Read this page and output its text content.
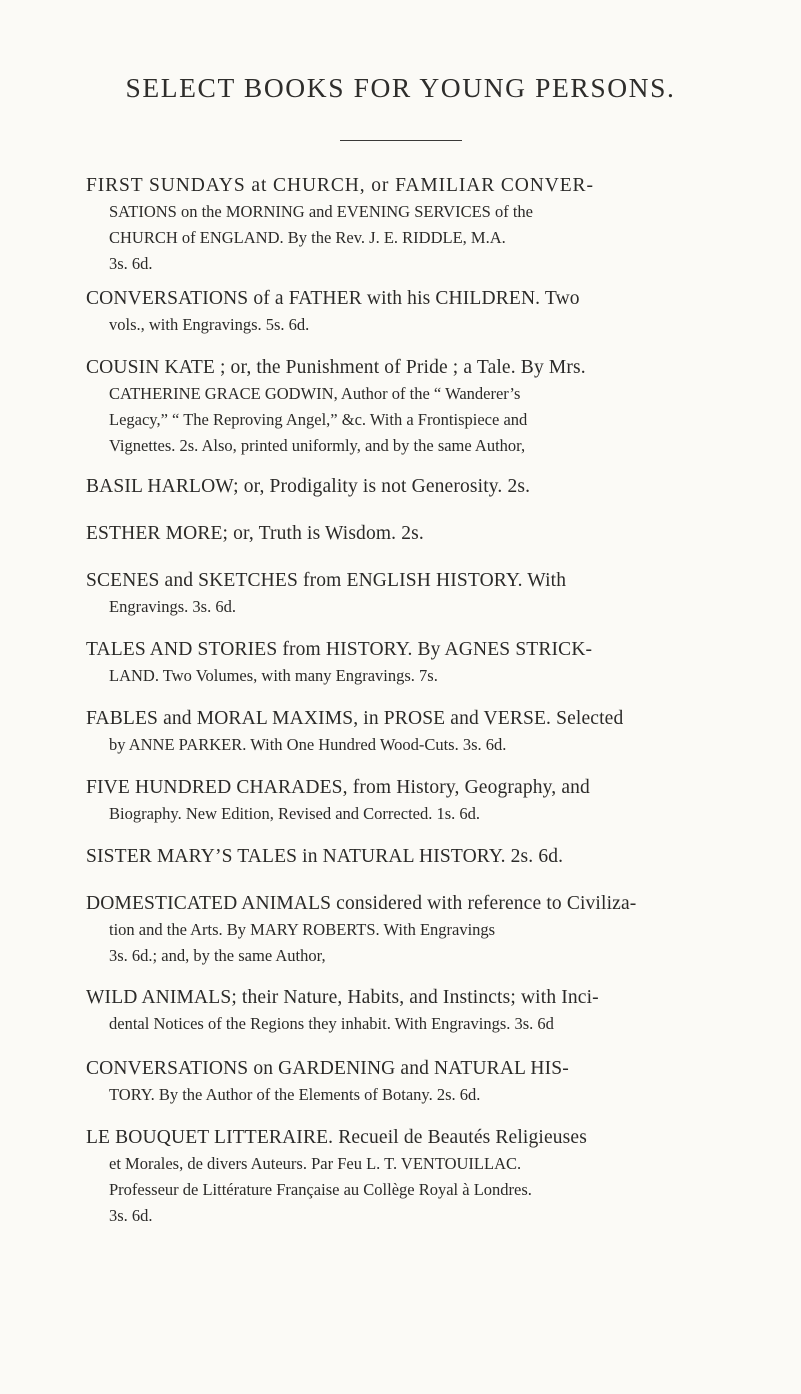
SELECT BOOKS FOR YOUNG PERSONS.
FIRST SUNDAYS at CHURCH, or FAMILIAR CONVER-
SATIONS on the MORNING and EVENING SERVICES of the
CHURCH of ENGLAND. By the Rev. J. E. RIDDLE, M.A.
3s. 6d.
CONVERSATIONS of a FATHER with his CHILDREN. Two
vols., with Engravings. 5s. 6d.
COUSIN KATE ; or, the Punishment of Pride ; a Tale. By Mrs.
CATHERINE GRACE GODWIN, Author of the “ Wanderer’s
Legacy,” “ The Reproving Angel,” &c. With a Frontispiece and
Vignettes. 2s. Also, printed uniformly, and by the same Author,
BASIL HARLOW; or, Prodigality is not Generosity. 2s.
ESTHER MORE; or, Truth is Wisdom. 2s.
SCENES and SKETCHES from ENGLISH HISTORY. With
Engravings. 3s. 6d.
TALES AND STORIES from HISTORY. By AGNES STRICK-
LAND. Two Volumes, with many Engravings. 7s.
FABLES and MORAL MAXIMS, in PROSE and VERSE. Selected
by ANNE PARKER. With One Hundred Wood-Cuts. 3s. 6d.
FIVE HUNDRED CHARADES, from History, Geography, and
Biography. New Edition, Revised and Corrected. 1s. 6d.
SISTER MARY’S TALES in NATURAL HISTORY. 2s. 6d.
DOMESTICATED ANIMALS considered with reference to Civiliza-
tion and the Arts. By MARY ROBERTS. With Engravings
3s. 6d.; and, by the same Author,
WILD ANIMALS; their Nature, Habits, and Instincts; with Inci-
dental Notices of the Regions they inhabit. With Engravings. 3s. 6d
CONVERSATIONS on GARDENING and NATURAL HIS-
TORY. By the Author of the Elements of Botany. 2s. 6d.
LE BOUQUET LITTERAIRE. Recueil de Beautés Religieuses
et Morales, de divers Auteurs. Par Feu L. T. VENTOUILLAC.
Professeur de Littérature Française au Collège Royal à Londres.
3s. 6d.
